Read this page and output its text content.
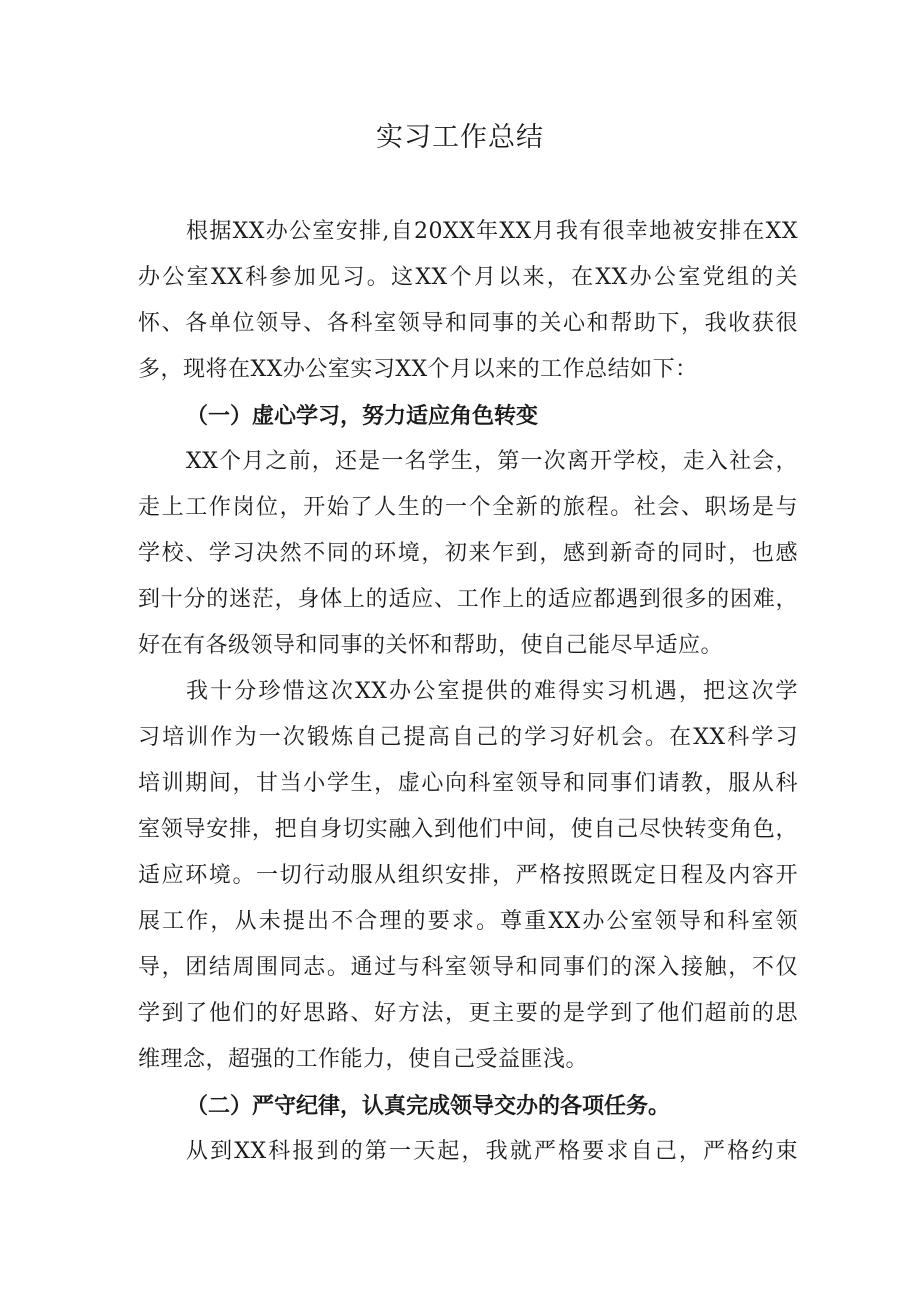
实习工作总结

根据XX办公室安排,自20XX年XX月我有很幸地被安排在XX

办公室XX科参加见习。这XX个月以来，在XX办公室党组的关

怀、各单位领导、各科室领导和同事的关心和帮助下，我收获很

多，现将在XX办公室实习XX个月以来的工作总结如下：

（一）虚心学习，努力适应角色转变

XX个月之前，还是一名学生，第一次离开学校，走入社会，

走上工作岗位，开始了人生的一个全新的旅程。社会、职场是与

学校、学习决然不同的环境，初来乍到，感到新奇的同时，也感

到十分的迷茫，身体上的适应、工作上的适应都遇到很多的困难，

好在有各级领导和同事的关怀和帮助，使自己能尽早适应。

我十分珍惜这次XX办公室提供的难得实习机遇，把这次学

习培训作为一次锻炼自己提高自己的学习好机会。在XX科学习

培训期间，甘当小学生，虚心向科室领导和同事们请教，服从科

室领导安排，把自身切实融入到他们中间，使自己尽快转变角色，

适应环境。一切行动服从组织安排，严格按照既定日程及内容开

展工作，从未提出不合理的要求。尊重XX办公室领导和科室领

导，团结周围同志。通过与科室领导和同事们的深入接触，不仅

学到了他们的好思路、好方法，更主要的是学到了他们超前的思

维理念，超强的工作能力，使自己受益匪浅。

（二）严守纪律，认真完成领导交办的各项任务。

从到XX科报到的第一天起，我就严格要求自己，严格约束
